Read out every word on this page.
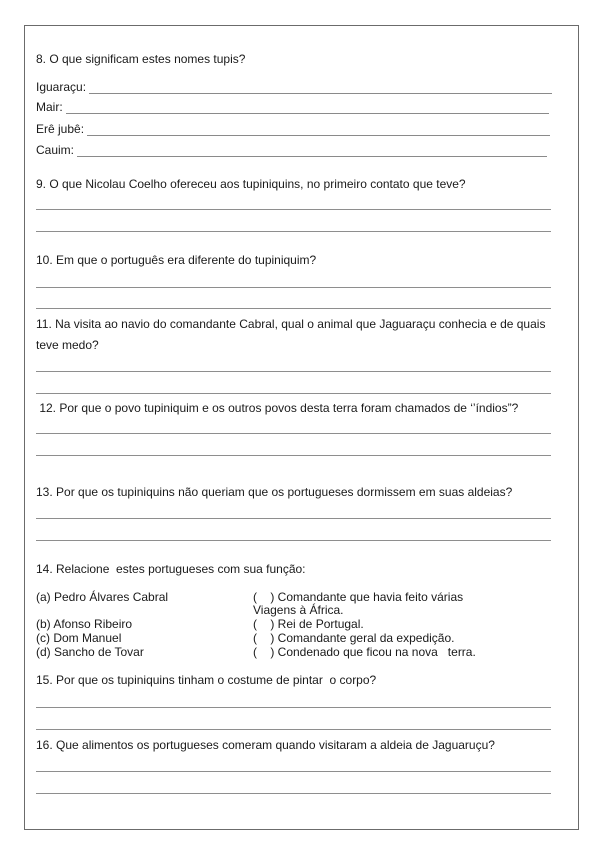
8. O que significam estes nomes tupis?
Iguaraçu:
Mair:
Erê jubê:
Cauim:
9. O que Nicolau Coelho ofereceu aos tupiniquins, no primeiro contato que teve?
10. Em que o português era diferente do tupiniquim?
11. Na visita ao navio do comandante Cabral, qual o animal que Jaguaraçu conhecia e de quais
teve medo?
12. Por que o povo tupiniquim e os outros povos desta terra foram chamados de ‘’índios”?
13. Por que os tupiniquins não queriam que os portugueses dormissem em suas aldeias?
14. Relacione  estes portugueses com sua função:
(a) Pedro Álvares Cabral
(b) Afonso Ribeiro
(c) Dom Manuel
(d) Sancho de Tovar
(    ) Comandante que havia feito várias
Viagens à África.
(    ) Rei de Portugal.
(    ) Comandante geral da expedição.
(    ) Condenado que ficou na nova   terra.
15. Por que os tupiniquins tinham o costume de pintar  o corpo?
16. Que alimentos os portugueses comeram quando visitaram a aldeia de Jaguaruçu?
